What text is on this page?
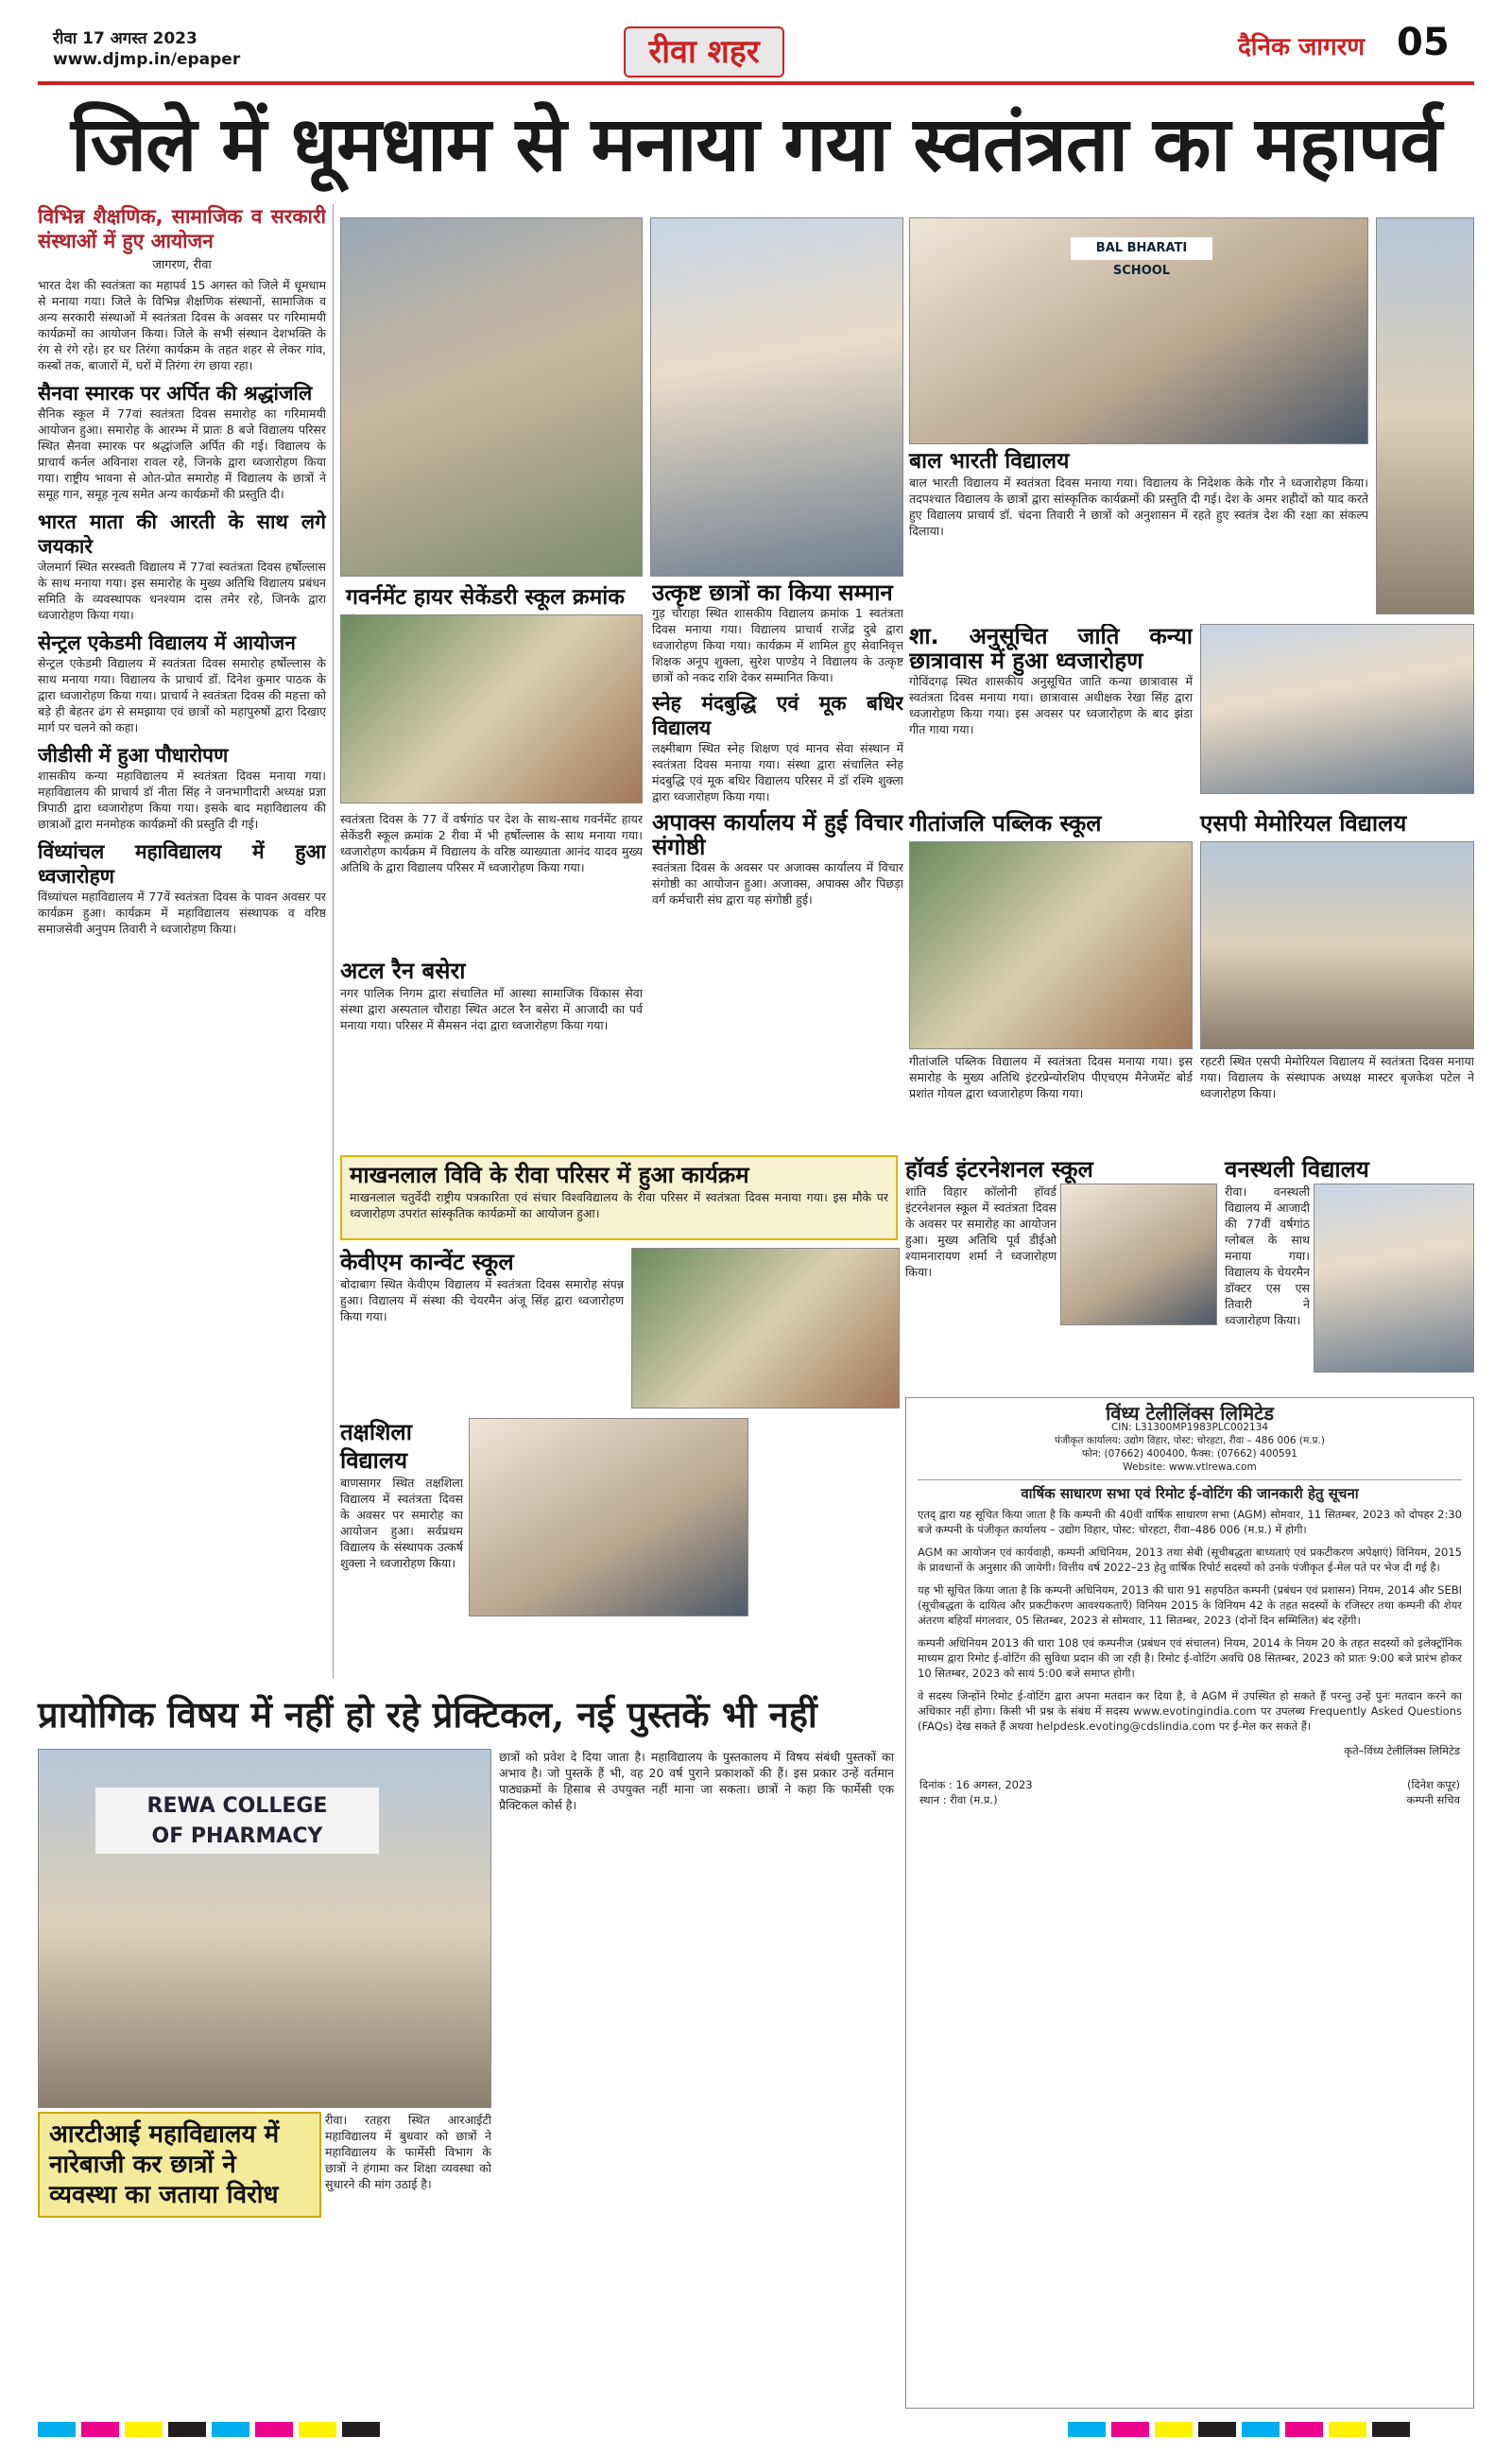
रीवा 17 अगस्त 2023
www.djmp.in/epaper	रीवा शहर	दैनिक जागरण 05
जिले में धूमधाम से मनाया गया स्वतंत्रता का महापर्व
विभिन्न शैक्षणिक, सामाजिक व सरकारी संस्थाओं में हुए आयोजन
जागरण, रीवा

भारत देश की स्वतंत्रता का महापर्व 15 अगस्त को जिले में धूमधाम से मनाया गया। जिले के विभिन्न शैक्षणिक संस्थानों, सामाजिक व अन्य सरकारी संस्थाओं में स्वतंत्रता दिवस के अवसर पर गरिमामयी कार्यक्रमों का आयोजन किया। जिले के सभी संस्थान देशभक्ति के रंग से रंगे रहे। हर घर तिरंगा कार्यक्रम के तहत शहर से लेकर गांव, कस्बों तक, बाजारों में, घरों में तिरंगा रंग छाया रहा।

सैनवा स्मारक पर अर्पित की श्रद्धांजलि

सैनिक स्कूल में 77वां स्वतंत्रता दिवस समारोह का गरिमामयी आयोजन हुआ। समारोह के आरम्भ में प्रातः 8 बजे विद्यालय परिसर स्थित सैनवा स्मारक पर श्रद्धांजलि अर्पित की गई। विद्यालय के प्राचार्य कर्नल अविनाश रावल रहे, जिनके द्वारा ध्वजारोहण किया गया। राष्ट्रीय भावना से ओत-प्रोत समारोह में विद्यालय के छात्रों ने समूह गान, समूह नृत्य समेत अन्य कार्यक्रमों की प्रस्तुति दी।

भारत माता की आरती के साथ लगे जयकारे

जेलमार्ग स्थित सरस्वती विद्यालय में 77वां स्वतंत्रता दिवस हर्षोल्लास के साथ मनाया गया। इस समारोह के मुख्य अतिथि विद्यालय प्रबंधन समिति के व्यवस्थापक धनश्याम दास तमेर रहे, जिनके द्वारा ध्वजारोहण किया गया।

सेन्ट्रल एकेडमी विद्यालय में आयोजन

सेन्ट्रल एकेडमी विद्यालय में स्वतंत्रता दिवस समारोह हर्षोल्लास के साथ मनाया गया। विद्यालय के प्राचार्य डॉ. दिनेश कुमार पाठक के द्वारा ध्वजारोहण किया गया। प्राचार्य ने स्वतंत्रता दिवस की महत्ता को बड़े ही बेहतर ढंग से समझाया एवं छात्रों को महापुरुषों द्वारा दिखाए मार्ग पर चलने को कहा।

जीडीसी में हुआ पौधारोपण

शासकीय कन्या महाविद्यालय में स्वतंत्रता दिवस मनाया गया। महाविद्यालय की प्राचार्य डॉ नीता सिंह ने जनभागीदारी अध्यक्ष प्रज्ञा त्रिपाठी द्वारा ध्वजारोहण किया गया। इसके बाद महाविद्यालय की छात्राओं द्वारा मनमोहक कार्यक्रमों की प्रस्तुति दी गई।

विंध्यांचल महाविद्यालय में हुआ ध्वजारोहण

विंध्यांचल महाविद्यालय में 77वें स्वतंत्रता दिवस के पावन अवसर पर कार्यक्रम हुआ। कार्यक्रम में महाविद्यालय संस्थापक व वरिष्ठ समाजसेवी अनुपम तिवारी ने ध्वजारोहण किया।

BAL BHARATI SCHOOL
बाल भारती विद्यालय

बाल भारती विद्यालय में स्वतंत्रता दिवस मनाया गया। विद्यालय के निदेशक केके गौर ने ध्वजारोहण किया। तदपश्चात विद्यालय के छात्रों द्वारा सांस्कृतिक कार्यक्रमों की प्रस्तुति दी गई। देश के अमर शहीदों को याद करते हुए विद्यालय प्राचार्य डॉ. चंदना तिवारी ने छात्रों को अनुशासन में रहते हुए स्वतंत्र देश की रक्षा का संकल्प दिलाया।

गवर्नमेंट हायर सेकेंडरी स्कूल क्रमांक
स्वतंत्रता दिवस के 77 वें वर्षगांठ पर देश के साथ-साथ गवर्नमेंट हायर सेकेंडरी स्कूल क्रमांक 2 रीवा में भी हर्षोल्लास के साथ मनाया गया। ध्वजारोहण कार्यक्रम में विद्यालय के वरिष्ठ व्याख्याता आनंद यादव मुख्य अतिथि के द्वारा विद्यालय परिसर में ध्वजारोहण किया गया।
अटल रैन बसेरा

नगर पालिक निगम द्वारा संचालित माँ आस्था सामाजिक विकास सेवा संस्था द्वारा अस्पताल चौराहा स्थित अटल रैन बसेरा में आजादी का पर्व मनाया गया। परिसर में सैमसन नंदा द्वारा ध्वजारोहण किया गया।

उत्कृष्ट छात्रों का किया सम्मान

गुड़ चौराहा स्थित शासकीय विद्यालय क्रमांक 1 स्वतंत्रता दिवस मनाया गया। विद्यालय प्राचार्य राजेंद्र दुबे द्वारा ध्वजारोहण किया गया। कार्यक्रम में शामिल हुए सेवानिवृत्त शिक्षक अनूप शुक्ला, सुरेश पाण्डेय ने विद्यालय के उत्कृष्ट छात्रों को नकद राशि देकर सम्मानित किया।

स्नेह मंदबुद्धि एवं मूक बधिर विद्यालय

लक्ष्मीबाग स्थित स्नेह शिक्षण एवं मानव सेवा संस्थान में स्वतंत्रता दिवस मनाया गया। संस्था द्वारा संचालित स्नेह मंदबुद्धि एवं मूक बधिर विद्यालय परिसर में डॉ रश्मि शुक्ला द्वारा ध्वजारोहण किया गया।

अपाक्स कार्यालय में हुई विचार संगोष्ठी

स्वतंत्रता दिवस के अवसर पर अजाक्स कार्यालय में विचार संगोष्ठी का आयोजन हुआ। अजाक्स, अपाक्स और पिछड़ा वर्ग कर्मचारी संघ द्वारा यह संगोष्ठी हुई।

शा. अनुसूचित जाति कन्या छात्रावास में हुआ ध्वजारोहण

गोविंदगढ़ स्थित शासकीय अनुसूचित जाति कन्या छात्रावास में स्वतंत्रता दिवस मनाया गया। छात्रावास अधीक्षक रेखा सिंह द्वारा ध्वजारोहण किया गया। इस अवसर पर ध्वजारोहण के बाद झंडा गीत गाया गया।

गीतांजलि पब्लिक स्कूल

गीतांजलि पब्लिक विद्यालय में स्वतंत्रता दिवस मनाया गया। इस समारोह के मुख्य अतिथि इंटरप्रेन्योरशिप पीएचएम मैनेजमेंट बोर्ड प्रशांत गोयल द्वारा ध्वजारोहण किया गया।

एसपी मेमोरियल विद्यालय

रहटरी स्थित एसपी मेमोरियल विद्यालय में स्वतंत्रता दिवस मनाया गया। विद्यालय के संस्थापक अध्यक्ष मास्टर बृजकेश पटेल ने ध्वजारोहण किया।

माखनलाल विवि के रीवा परिसर में हुआ कार्यक्रम

माखनलाल चतुर्वेदी राष्ट्रीय पत्रकारिता एवं संचार विश्वविद्यालय के रीवा परिसर में स्वतंत्रता दिवस मनाया गया। इस मौके पर ध्वजारोहण उपरांत सांस्कृतिक कार्यक्रमों का आयोजन हुआ।

हॉवर्ड इंटरनेशनल स्कूल

शांति विहार कॉलोनी हॉवर्ड इंटरनेशनल स्कूल में स्वतंत्रता दिवस के अवसर पर समारोह का आयोजन हुआ। मुख्य अतिथि पूर्व डीईओ श्यामनारायण शर्मा ने ध्वजारोहण किया।

वनस्थली विद्यालय

रीवा। वनस्थली विद्यालय में आजादी की 77वीं वर्षगांठ ग्लोबल के साथ मनाया गया। विद्यालय के चेयरमैन डॉक्टर एस एस तिवारी ने ध्वजारोहण किया।

केवीएम कान्वेंट स्कूल

बोदाबाग स्थित केवीएम विद्यालय में स्वतंत्रता दिवस समारोह संपन्न हुआ। विद्यालय में संस्था की चेयरमैन अंजू सिंह द्वारा ध्वजारोहण किया गया।

तक्षशिला विद्यालय

बाणसागर स्थित तक्षशिला विद्यालय में स्वतंत्रता दिवस के अवसर पर समारोह का आयोजन हुआ। सर्वप्रथम विद्यालय के संस्थापक उत्कर्ष शुक्ला ने ध्वजारोहण किया।

विंध्य टेलीलिंक्स लिमिटेड
CIN: L31300MP1983PLC002134
पंजीकृत कार्यालय: उद्योग विहार, पोस्ट: चोरहटा, रीवा – 486 006 (म.प्र.)
फोन: (07662) 400400, फैक्स: (07662) 400591
Website: www.vtlrewa.com
वार्षिक साधारण सभा एवं रिमोट ई-वोटिंग की जानकारी हेतु सूचना

एतद् द्वारा यह सूचित किया जाता है कि कम्पनी की 40वीं वार्षिक साधारण सभा (AGM) सोमवार, 11 सितम्बर, 2023 को दोपहर 2:30 बजे कम्पनी के पंजीकृत कार्यालय – उद्योग विहार, पोस्ट: चोरहटा, रीवा–486 006 (म.प्र.) में होगी।

AGM का आयोजन एवं कार्यवाही, कम्पनी अधिनियम, 2013 तथा सेबी (सूचीबद्धता बाध्यताएं एवं प्रकटीकरण अपेक्षाएं) विनियम, 2015 के प्रावधानों के अनुसार की जायेगी। वित्तीय वर्ष 2022–23 हेतु वार्षिक रिपोर्ट सदस्यों को उनके पंजीकृत ई-मेल पते पर भेज दी गई है।

यह भी सूचित किया जाता है कि कम्पनी अधिनियम, 2013 की धारा 91 सहपठित कम्पनी (प्रबंधन एवं प्रशासन) नियम, 2014 और SEBI (सूचीबद्धता के दायित्व और प्रकटीकरण आवश्यकताएँ) विनियम 2015 के विनियम 42 के तहत सदस्यों के रजिस्टर तथा कम्पनी की शेयर अंतरण बहियाँ मंगलवार, 05 सितम्बर, 2023 से सोमवार, 11 सितम्बर, 2023 (दोनों दिन सम्मिलित) बंद रहेंगी।

कम्पनी अधिनियम 2013 की धारा 108 एवं कम्पनीज (प्रबंधन एवं संचालन) नियम, 2014 के नियम 20 के तहत सदस्यों को इलेक्ट्रॉनिक माध्यम द्वारा रिमोट ई-वोटिंग की सुविधा प्रदान की जा रही है। रिमोट ई-वोटिंग अवधि 08 सितम्बर, 2023 को प्रातः 9:00 बजे प्रारंभ होकर 10 सितम्बर, 2023 को सायं 5:00 बजे समाप्त होगी।

वे सदस्य जिन्होंने रिमोट ई-वोटिंग द्वारा अपना मतदान कर दिया है, वे AGM में उपस्थित हो सकते हैं परन्तु उन्हें पुनः मतदान करने का अधिकार नहीं होगा। किसी भी प्रश्न के संबंध में सदस्य www.evotingindia.com पर उपलब्ध Frequently Asked Questions (FAQs) देख सकते हैं अथवा helpdesk.evoting@cdslindia.com पर ई-मेल कर सकते हैं।

कृते–विंध्य टेलीलिंक्स लिमिटेड
दिनांक : 16 अगस्त, 2023
स्थान : रीवा (म.प्र.)
(दिनेश कपूर)
कम्पनी सचिव
प्रायोगिक विषय में नहीं हो रहे प्रेक्टिकल, नई पुस्तकें भी नहीं
REWA COLLEGE
OF PHARMACY
आरटीआई महाविद्यालय में नारेबाजी कर छात्रों ने व्यवस्था का जताया विरोध
रीवा। रतहरा स्थित आरआईटी महाविद्यालय में बुधवार को छात्रों ने महाविद्यालय के फार्मेसी विभाग के छात्रों ने हंगामा कर शिक्षा व्यवस्था को सुधारने की मांग उठाई है।
छात्रों को प्रवेश दे दिया जाता है। महाविद्यालय के पुस्तकालय में विषय संबंधी पुस्तकों का अभाव है। जो पुस्तकें हैं भी, वह 20 वर्ष पुराने प्रकाशकों की हैं। इस प्रकार उन्हें वर्तमान पाठ्यक्रमों के हिसाब से उपयुक्त नहीं माना जा सकता। छात्रों ने कहा कि फार्मेसी एक प्रैक्टिकल कोर्स है।
